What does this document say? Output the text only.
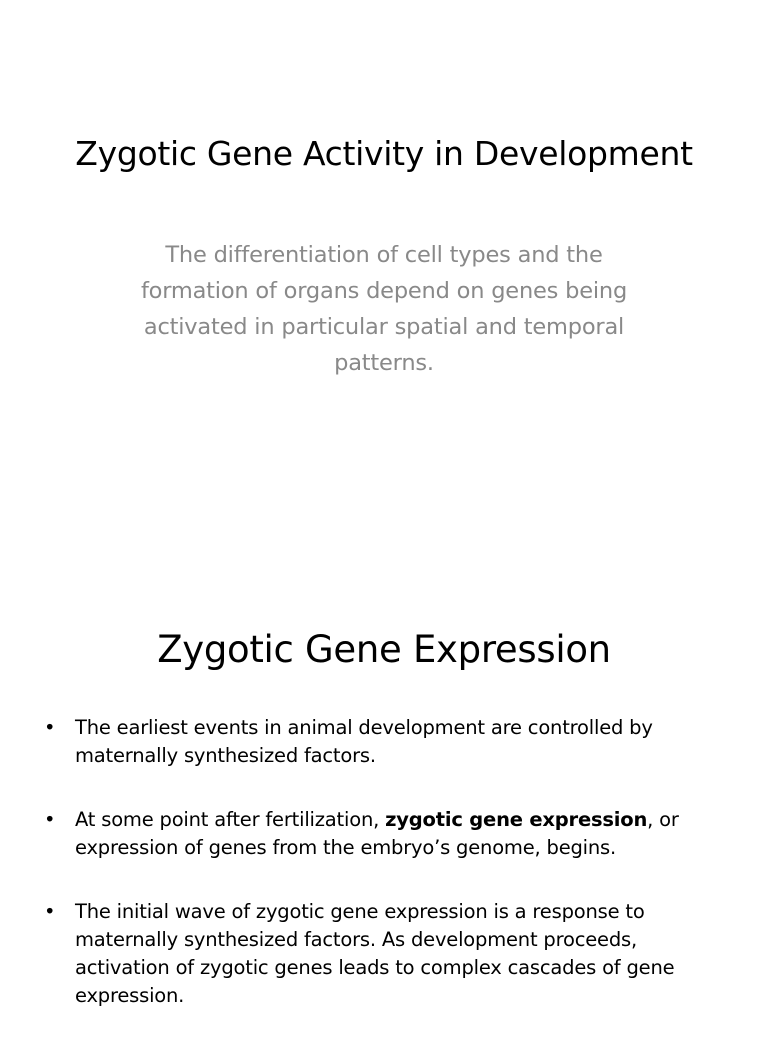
Zygotic Gene Activity in Development

The differentiation of cell types and the formation of organs depend on genes being activated in particular spatial and temporal patterns.

Zygotic Gene Expression
• The earliest events in animal development are controlled by maternally synthesized factors.
• At some point after fertilization, zygotic gene expression, or expression of genes from the embryo’s genome, begins.
• The initial wave of zygotic gene expression is a response to maternally synthesized factors. As development proceeds, activation of zygotic genes leads to complex cascades of gene expression.
